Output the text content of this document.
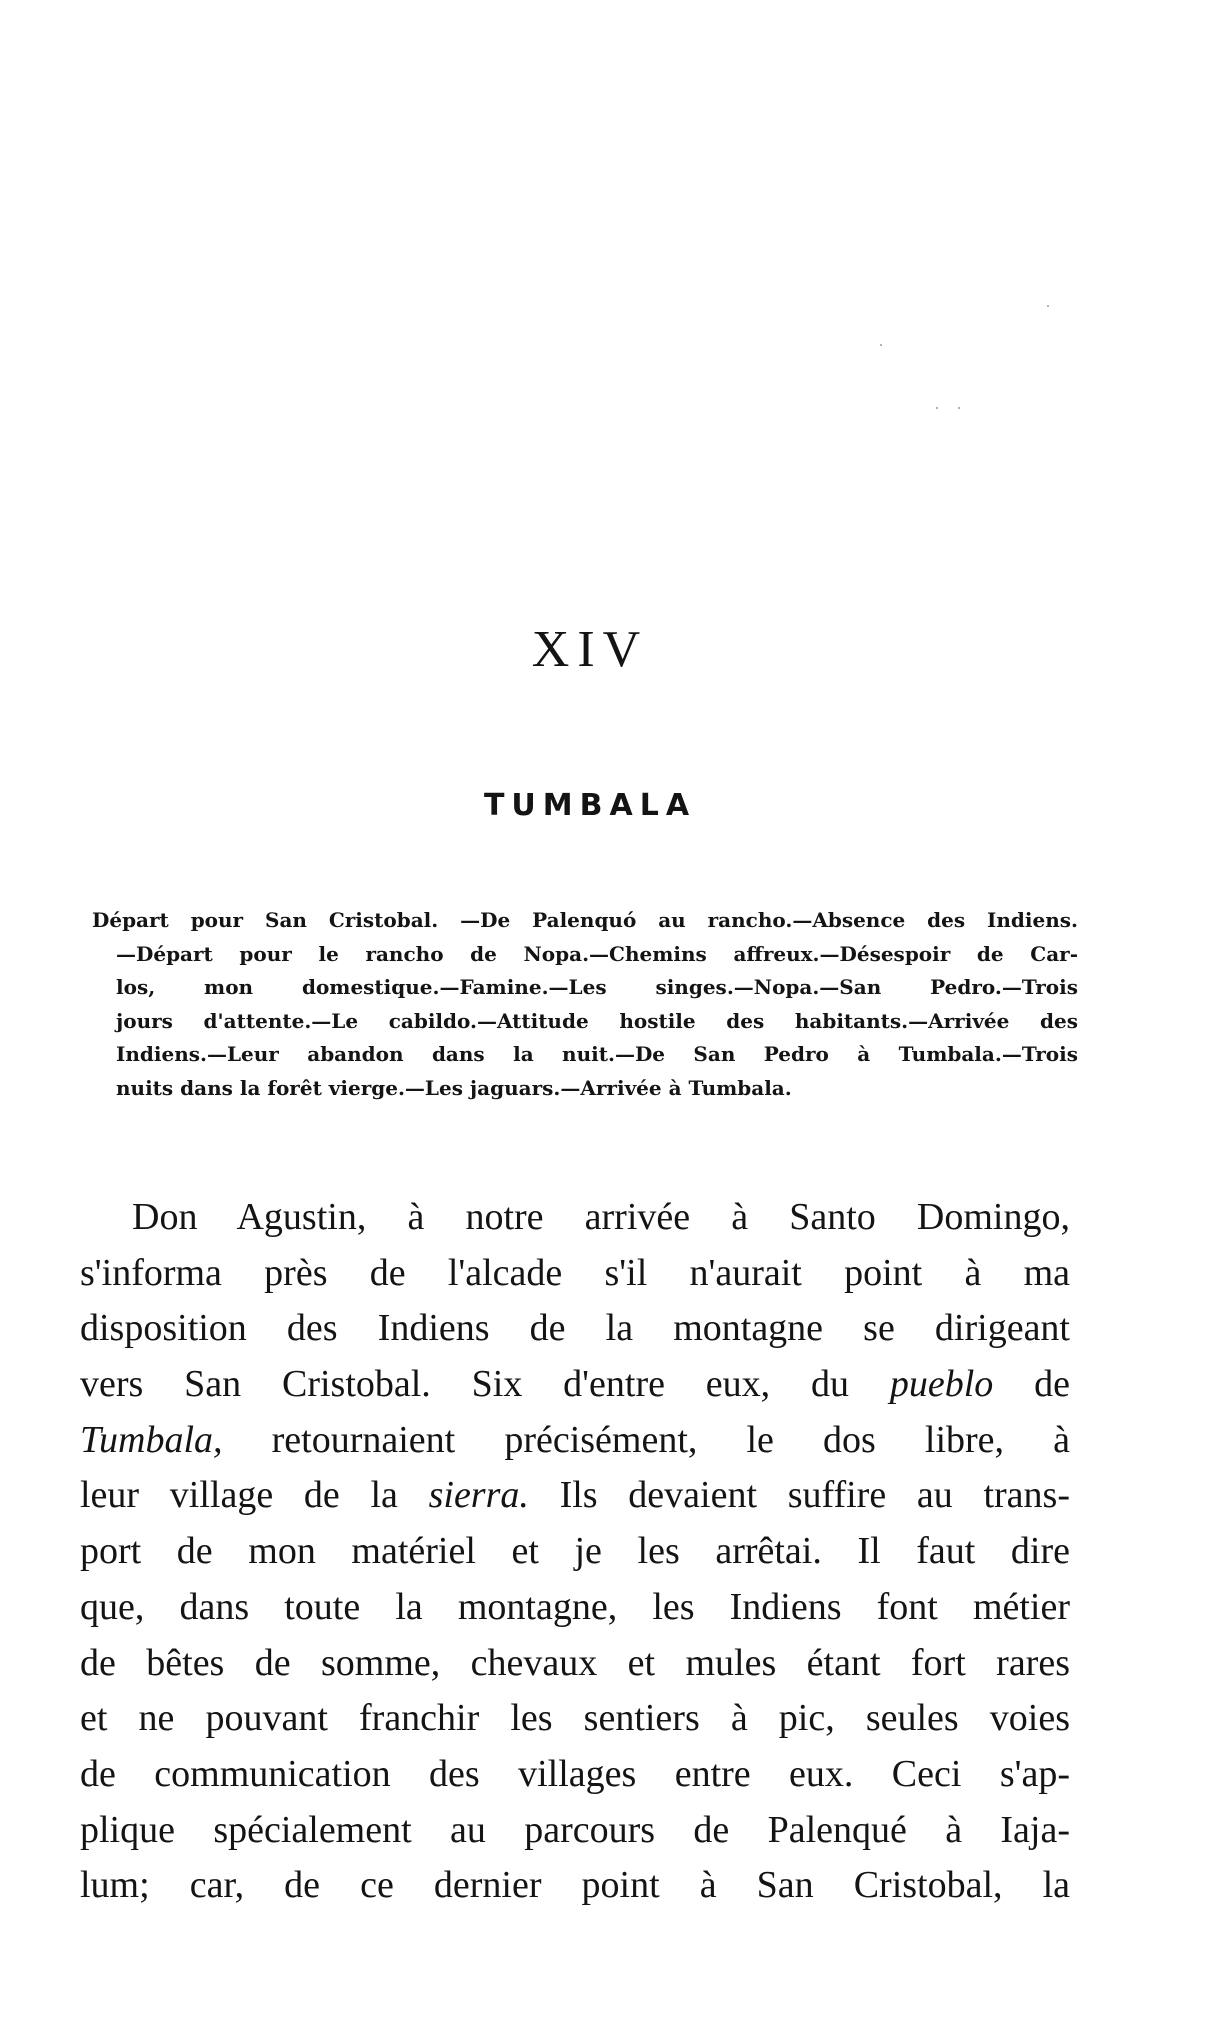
XIV
TUMBALA
Départ pour San Cristobal. —De Palenquó au rancho.—Absence des Indiens.
—Départ pour le rancho de Nopa.—Chemins affreux.—Désespoir de Car-
los, mon domestique.—Famine.—Les singes.—Nopa.—San Pedro.—Trois
jours d'attente.—Le cabildo.—Attitude hostile des habitants.—Arrivée des
Indiens.—Leur abandon dans la nuit.—De San Pedro à Tumbala.—Trois
nuits dans la forêt vierge.—Les jaguars.—Arrivée à Tumbala.
Don Agustin, à notre arrivée à Santo Domingo,
s'informa près de l'alcade s'il n'aurait point à ma
disposition des Indiens de la montagne se dirigeant
vers San Cristobal. Six d'entre eux, du pueblo de
Tumbala, retournaient précisément, le dos libre, à
leur village de la sierra. Ils devaient suffire au trans-
port de mon matériel et je les arrêtai. Il faut dire
que, dans toute la montagne, les Indiens font métier
de bêtes de somme, chevaux et mules étant fort rares
et ne pouvant franchir les sentiers à pic, seules voies
de communication des villages entre eux. Ceci s'ap-
plique spécialement au parcours de Palenqué à Iaja-
lum; car, de ce dernier point à San Cristobal, la
